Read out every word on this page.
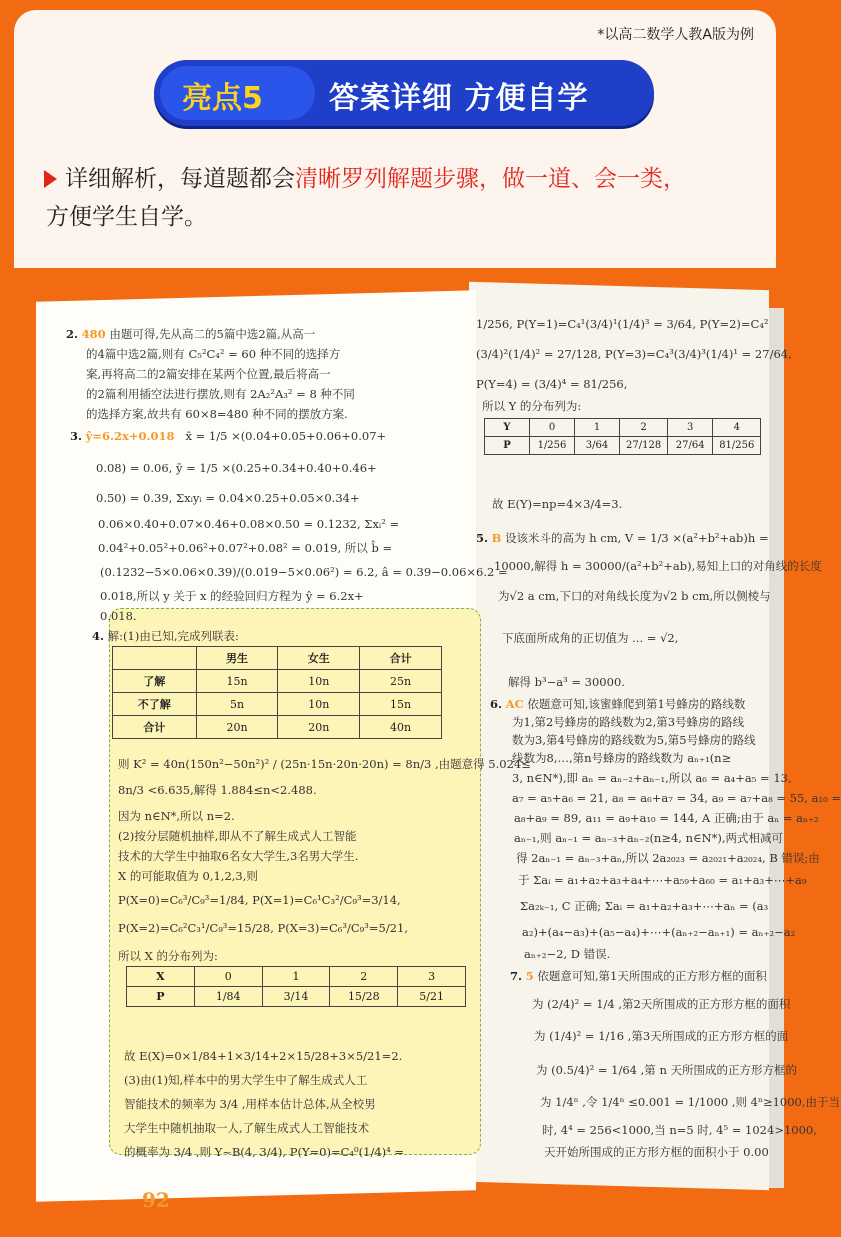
*以高二数学人教A版为例
亮点5 答案详细 方便自学
详细解析，每道题都会清晰罗列解题步骤，做一道、会一类，
方便学生自学。
2. 480 由题可得,先从高二的5篇中选2篇,从高一
的4篇中选2篇,则有 C₅²C₄² = 60 种不同的选择方
案,再将高二的2篇安排在某两个位置,最后将高一
的2篇利用插空法进行摆放,则有 2A₂²A₃² = 8 种不同
的选择方案,故共有 60×8=480 种不同的摆放方案.
3. ŷ=6.2x+0.018 x̄ = 1/5 ×(0.04+0.05+0.06+0.07+
0.08) = 0.06, ȳ = 1/5 ×(0.25+0.34+0.40+0.46+
0.50) = 0.39, Σxᵢyᵢ = 0.04×0.25+0.05×0.34+
0.06×0.40+0.07×0.46+0.08×0.50 = 0.1232, Σxᵢ² =
0.04²+0.05²+0.06²+0.07²+0.08² = 0.019, 所以 b̂ =
(0.1232−5×0.06×0.39)/(0.019−5×0.06²) = 6.2, â = 0.39−0.06×6.2 =
0.018,所以 y 关于 x 的经验回归方程为 ŷ = 6.2x+
0.018.
4. 解:(1)由已知,完成列联表:
	男生	女生	合计
了解	15n	10n	25n
不了解	5n	10n	15n
合计	20n	20n	40n
则 K² = 40n(150n²−50n²)² / (25n·15n·20n·20n) = 8n/3 ,由题意得 5.024≤
8n/3 <6.635,解得 1.884≤n<2.488.
因为 n∈N*,所以 n=2.
(2)按分层随机抽样,即从不了解生成式人工智能
技术的大学生中抽取6名女大学生,3名男大学生.
X 的可能取值为 0,1,2,3,则
P(X=0)=C₆³/C₉³=1/84, P(X=1)=C₆¹C₃²/C₉³=3/14,
P(X=2)=C₆²C₃¹/C₉³=15/28, P(X=3)=C₆³/C₉³=5/21,
所以 X 的分布列为:
X	0	1	2	3
P	1/84	3/14	15/28	5/21
故 E(X)=0×1/84+1×3/14+2×15/28+3×5/21=2.
(3)由(1)知,样本中的男大学生中了解生成式人工
智能技术的频率为 3/4 ,用样本估计总体,从全校男
大学生中随机抽取一人,了解生成式人工智能技术
的概率为 3/4 ,则 Y~B(4, 3/4), P(Y=0)=C₄⁰(1/4)⁴ =
92
1/256, P(Y=1)=C₄¹(3/4)¹(1/4)³ = 3/64, P(Y=2)=C₄²
(3/4)²(1/4)² = 27/128, P(Y=3)=C₄³(3/4)³(1/4)¹ = 27/64,
P(Y=4) = (3/4)⁴ = 81/256,
所以 Y 的分布列为:
Y	0	1	2	3	4
P	1/256	3/64	27/128	27/64	81/256
故 E(Y)=np=4×3/4=3.
5. B 设该米斗的高为 h cm, V = 1/3 ×(a²+b²+ab)h =
10000,解得 h = 30000/(a²+b²+ab),易知上口的对角线的长度
为√2 a cm,下口的对角线长度为√2 b cm,所以侧棱与
下底面所成角的正切值为 ... = √2,
解得 b³−a³ = 30000.
6. AC 依题意可知,该蜜蜂爬到第1号蜂房的路线数
为1,第2号蜂房的路线数为2,第3号蜂房的路线
数为3,第4号蜂房的路线数为5,第5号蜂房的路线
线数为8,…,第n号蜂房的路线数为 aₙ₊₁(n≥
3, n∈N*),即 aₙ = aₙ₋₂+aₙ₋₁,所以 a₆ = a₄+a₅ = 13,
a₇ = a₅+a₆ = 21, a₈ = a₆+a₇ = 34, a₉ = a₇+a₈ = 55, a₁₀ =
a₈+a₉ = 89, a₁₁ = a₉+a₁₀ = 144, A 正确;由于 aₙ = aₙ₊₂
aₙ₋₁,则 aₙ₋₁ = aₙ₋₃+aₙ₋₂(n≥4, n∈N*),两式相减可
得 2aₙ₋₁ = aₙ₋₃+aₙ,所以 2a₂₀₂₃ = a₂₀₂₁+a₂₀₂₄, B 错误;由
于 Σaᵢ = a₁+a₂+a₃+a₄+⋯+a₅₉+a₆₀ = a₁+a₃+⋯+a₉
Σa₂ₖ₋₁, C 正确; Σaᵢ = a₁+a₂+a₃+⋯+aₙ = (a₃
a₂)+(a₄−a₃)+(a₅−a₄)+⋯+(aₙ₊₂−aₙ₊₁) = aₙ₊₂−a₂
aₙ₊₂−2, D 错误.
7. 5 依题意可知,第1天所围成的正方形方框的面积
为 (2/4)² = 1/4 ,第2天所围成的正方形方框的面积
为 (1/4)² = 1/16 ,第3天所围成的正方形方框的面
为 (0.5/4)² = 1/64 ,第 n 天所围成的正方形方框的
为 1/4ⁿ ,令 1/4ⁿ ≤0.001 = 1/1000 ,则 4ⁿ≥1000,由于当
时, 4⁴ = 256<1000,当 n=5 时, 4⁵ = 1024>1000,
天开始所围成的正方形方框的面积小于 0.00
